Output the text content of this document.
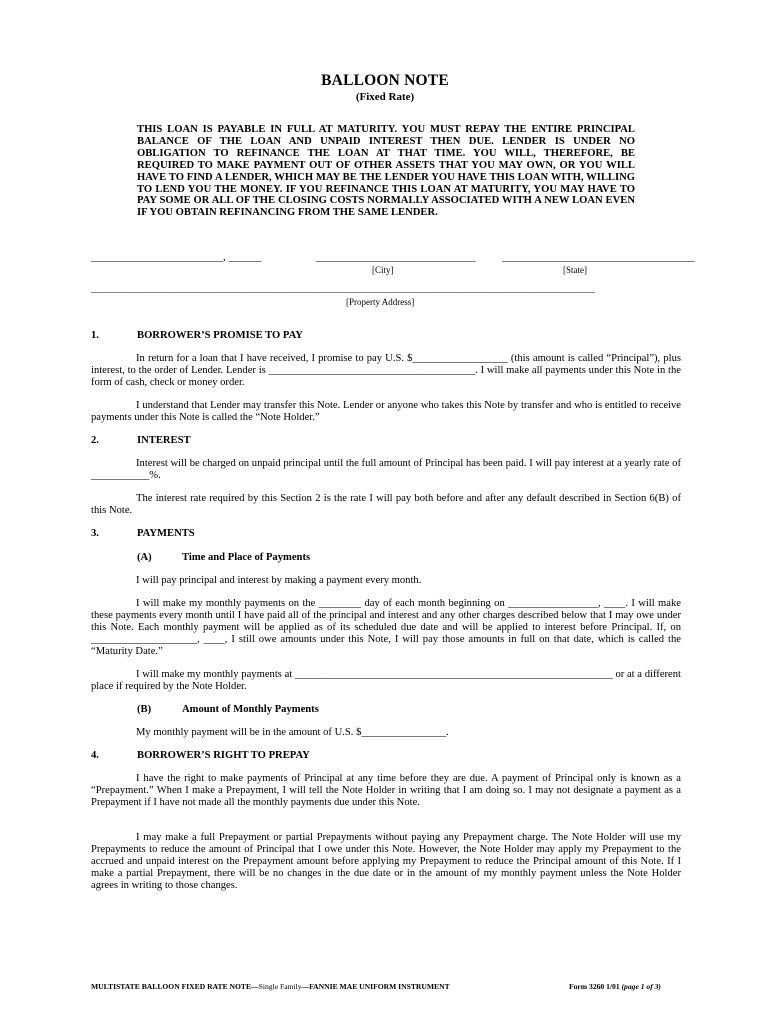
BALLOON NOTE
(Fixed Rate)
THIS LOAN IS PAYABLE IN FULL AT MATURITY. YOU MUST REPAY THE ENTIRE PRINCIPAL BALANCE OF THE LOAN AND UNPAID INTEREST THEN DUE. LENDER IS UNDER NO OBLIGATION TO REFINANCE THE LOAN AT THAT TIME. YOU WILL, THEREFORE, BE REQUIRED TO MAKE PAYMENT OUT OF OTHER ASSETS THAT YOU MAY OWN, OR YOU WILL HAVE TO FIND A LENDER, WHICH MAY BE THE LENDER YOU HAVE THIS LOAN WITH, WILLING TO LEND YOU THE MONEY. IF YOU REFINANCE THIS LOAN AT MATURITY, YOU MAY HAVE TO PAY SOME OR ALL OF THE CLOSING COSTS NORMALLY ASSOCIATED WITH A NEW LOAN EVEN IF YOU OBTAIN REFINANCING FROM THE SAME LENDER.
________________________, ______	_____________________________ ___________________________________
[City]	[State]
________________________________________________________________________________________________________________
[Property Address]
1.	BORROWER’S PROMISE TO PAY
In return for a loan that I have received, I promise to pay U.S. $__________________ (this amount is called “Principal”), plus interest, to the order of Lender. Lender is _______________________________________. I will make all payments under this Note in the form of cash, check or money order.
I understand that Lender may transfer this Note. Lender or anyone who takes this Note by transfer and who is entitled to receive payments under this Note is called the “Note Holder.”
2.	INTEREST
Interest will be charged on unpaid principal until the full amount of Principal has been paid. I will pay interest at a yearly rate of ___________%.
The interest rate required by this Section 2 is the rate I will pay both before and after any default described in Section 6(B) of this Note.
3.	PAYMENTS
(A)	Time and Place of Payments
I will pay principal and interest by making a payment every month.
I will make my monthly payments on the ________ day of each month beginning on _________________, ____. I will make these payments every month until I have paid all of the principal and interest and any other charges described below that I may owe under this Note. Each monthly payment will be applied as of its scheduled due date and will be applied to interest before Principal. If, on ____________________, ____, I still owe amounts under this Note, I will pay those amounts in full on that date, which is called the “Maturity Date.”
I will make my monthly payments at ____________________________________________________________ or at a different place if required by the Note Holder.
(B)	Amount of Monthly Payments
My monthly payment will be in the amount of U.S. $________________.
4.	BORROWER’S RIGHT TO PREPAY
I have the right to make payments of Principal at any time before they are due. A payment of Principal only is known as a “Prepayment.” When I make a Prepayment, I will tell the Note Holder in writing that I am doing so. I may not designate a payment as a Prepayment if I have not made all the monthly payments due under this Note.
I may make a full Prepayment or partial Prepayments without paying any Prepayment charge. The Note Holder will use my Prepayments to reduce the amount of Principal that I owe under this Note. However, the Note Holder may apply my Prepayment to the accrued and unpaid interest on the Prepayment amount before applying my Prepayment to reduce the Principal amount of this Note. If I make a partial Prepayment, there will be no changes in the due date or in the amount of my monthly payment unless the Note Holder agrees in writing to those changes.
MULTISTATE BALLOON FIXED RATE NOTE—Single Family—FANNIE MAE UNIFORM INSTRUMENT	Form 3260 1/01 (page 1 of 3)
